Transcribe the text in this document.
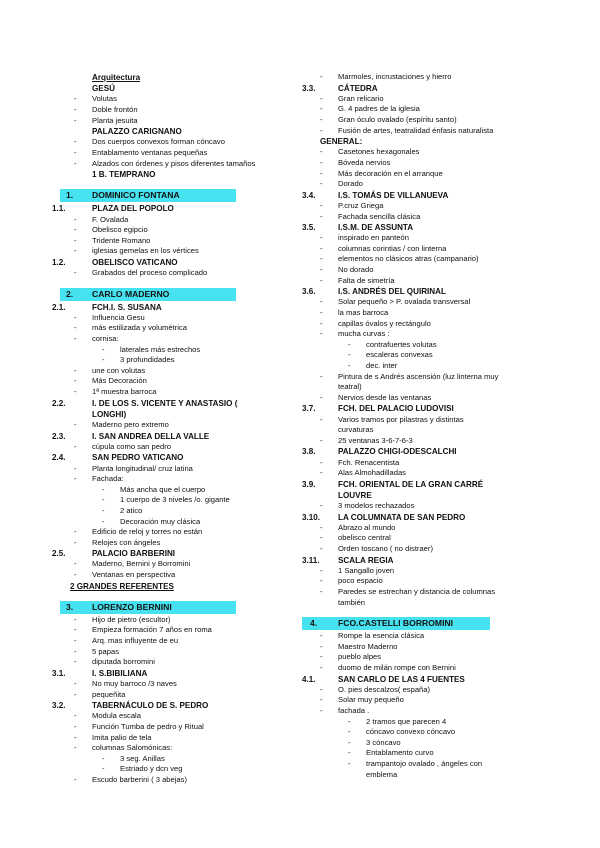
Arquitectura
GESÚ
- Volutas
- Doble frontón
- Planta jesuita
PALAZZO CARIGNANO
- Dos cuerpos convexos forman cóncavo
- Entablamento ventanas pequeñas
- Alzados con órdenes y pisos diferentes tamaños
1 B. TEMPRANO
1. DOMINICO FONTANA
1.1.	PLAZA DEL POPOLO
- F. Ovalada
- Obelisco egipcio
- Tridente Romano
- iglesias gemelas en los vértices
1.2.	OBELISCO VATICANO
- Grabados del proceso complicado
2. CARLO MADERNO
2.1.	FCH.I. S. SUSANA
- Influencia Gesu
- más estilizada y volumétrica
- cornisa:
- laterales más estrechos
- 3 profundidades
- une con volutas
- Más Decoración
- 1ª muestra barroca
2.2.	I. DE LOS S. VICENTE Y ANASTASIO (
LONGHI)
- Maderno pero extremo
2.3.	I. SAN ANDREA DELLA VALLE
- cúpula como san pedro
2.4.	SAN PEDRO VATICANO
- Planta longitudinal/ cruz latina
- Fachada:
- Más ancha que el cuerpo
- 1 cuerpo de 3 niveles /o. gigante
- 2 atico
- Decoración muy clásica
- Edificio de reloj y torres no están
- Relojes con ángeles
2.5.	PALACIO BARBERINI
- Maderno, Bernini y Borromini
- Ventanas en perspectiva
2 GRANDES REFERENTES
3. LORENZO BERNINI
- Hijo de pietro (escultor)
- Empieza formación 7 años en roma
- Arq. mas influyente de eu
- 5 papas
- diputada borromini
3.1.	I. S.BIBILIANA
- No muy barroco /3 naves
- pequeñita
3.2.	TABERNÁCULO DE S. PEDRO
- Modula escala
- Función Tumba de pedro y Ritual
- Imita palio de tela
- columnas Salomónicas:
- 3 seg. Anillas
- Estriado y dcn veg
- Escudo barberini ( 3 abejas)
- Marmoles, incrustaciones y hierro
3.3.	CÁTEDRA
- Gran relicario
- G. 4 padres de la iglesia
- Gran óculo ovalado (espíritu santo)
- Fusión de artes, teatralidad énfasis naturalista
GENERAL:
- Casetones hexagonales
- Bóveda nervios
- Más decoración en el arranque
- Dorado
3.4.	I.S. TOMÁS DE VILLANUEVA
- P.cruz Griega
- Fachada sencilla clásica
3.5.	I.S.M. DE ASSUNTA
- inspirado en panteón
- columnas corintias / con linterna
- elementos no clásicos atras (campanario)
- No dorado
- Falta de simetría
3.6.	I.S. ANDRÉS DEL QUIRINAL
- Solar pequeño > P. ovalada transversal
- la mas barroca
- capillas óvalos y rectángulo
- mucha curvas :
- contrafuertes volutas
- escaleras convexas
- dec. inter
- Pintura de s Andrés ascensión (luz linterna muy
teatral)
- Nervios desde las ventanas
3.7.	FCH. DEL PALACIO LUDOVISI
- Varios tramos por pilastras y distintas
curvaturas
- 25 ventanas 3-6-7-6-3
3.8.	PALAZZO CHIGI-ODESCALCHI
- Fch. Renacentista
- Alas Almohadilladas
3.9.	FCH. ORIENTAL DE LA GRAN CARRÉ
LOUVRE
- 3 modelos rechazados
3.10. LA COLUMNATA DE SAN PEDRO
- Abrazo al mundo
- obelisco central
- Orden toscano ( no distraer)
3.11. SCALA REGIA
- 1 Sangallo joven
- poco espacio
- Paredes se estrechan y distancia de columnas
también
4. FCO.CASTELLI BORROMINI
- Rompe la esencia clásica
- Maestro Maderno
- pueblo alpes
- duomo de milán rompe con Bernini
4.1.	SAN CARLO DE LAS 4 FUENTES
- O. pies descalzos( españa)
- Solar muy pequeño
- fachada .
- 2 tramos que parecen 4
- cóncavo convexo cóncavo
- 3 cóncavo
- Entablamento curvo
- trampantojo ovalado , ángeles con
emblema
